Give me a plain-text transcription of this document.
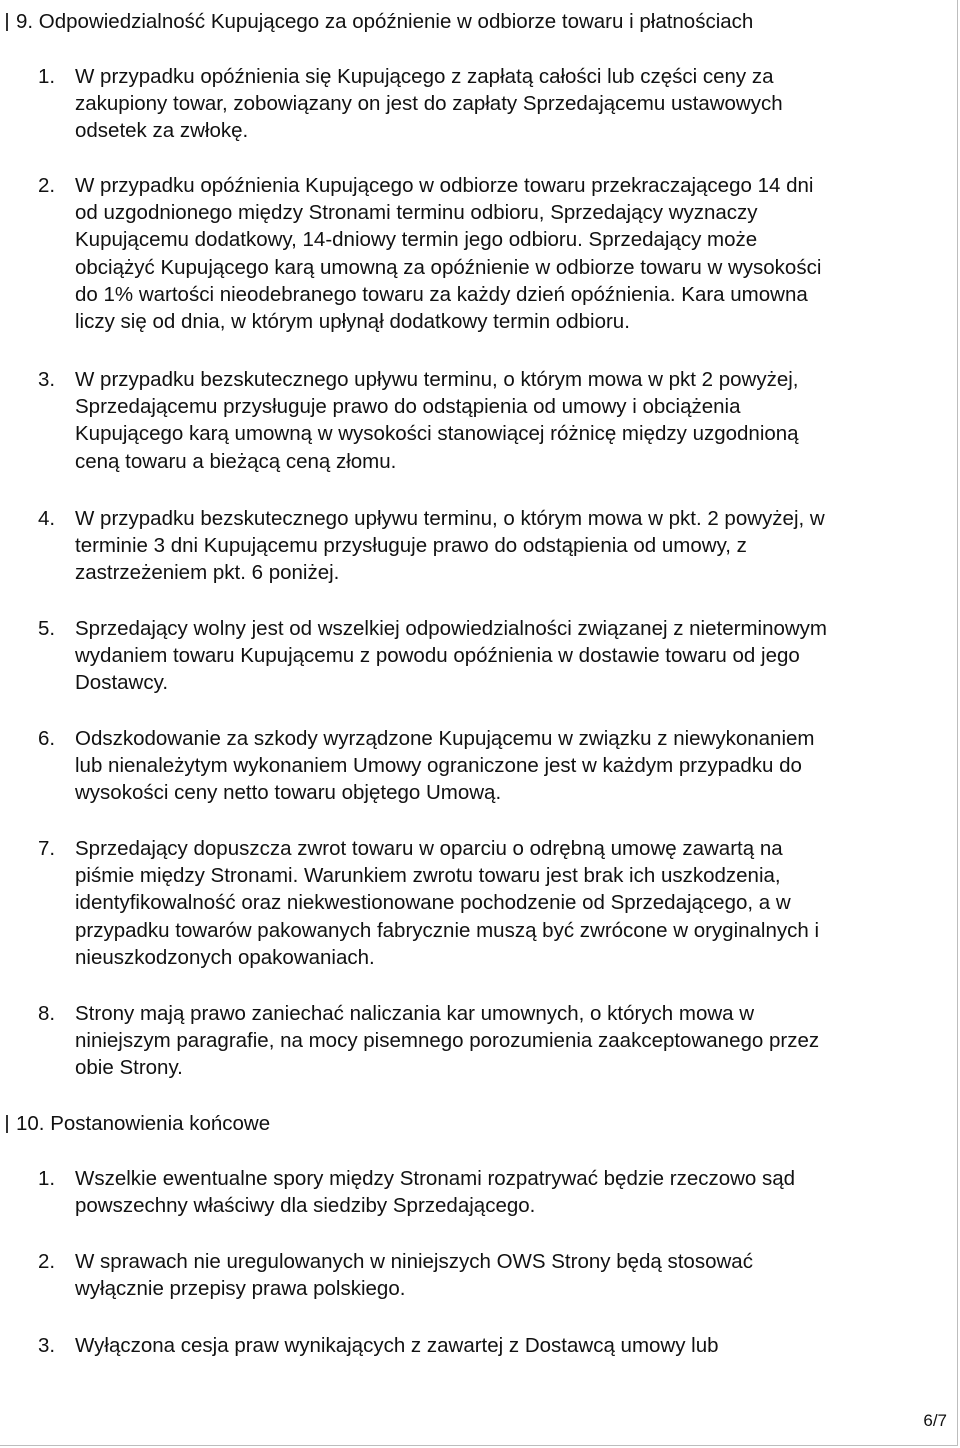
9. Odpowiedzialność Kupującego za opóźnienie w odbiorze towaru i płatnościach
1. W przypadku opóźnienia się Kupującego z zapłatą całości lub części ceny za
zakupiony towar, zobowiązany on jest do zapłaty Sprzedającemu ustawowych
odsetek za zwłokę.
2. W przypadku opóźnienia Kupującego w odbiorze towaru przekraczającego 14 dni
od uzgodnionego między Stronami terminu odbioru, Sprzedający wyznaczy
Kupującemu dodatkowy, 14-dniowy termin jego odbioru. Sprzedający może
obciążyć Kupującego karą umowną za opóźnienie w odbiorze towaru w wysokości
do 1% wartości nieodebranego towaru za każdy dzień opóźnienia. Kara umowna
liczy się od dnia, w którym upłynął dodatkowy termin odbioru.
3. W przypadku bezskutecznego upływu terminu, o którym mowa w pkt 2 powyżej,
Sprzedającemu przysługuje prawo do odstąpienia od umowy i obciążenia
Kupującego karą umowną w wysokości stanowiącej różnicę między uzgodnioną
ceną towaru a bieżącą ceną złomu.
4. W przypadku bezskutecznego upływu terminu, o którym mowa w pkt. 2 powyżej, w
terminie 3 dni Kupującemu przysługuje prawo do odstąpienia od umowy, z
zastrzeżeniem pkt. 6 poniżej.
5. Sprzedający wolny jest od wszelkiej odpowiedzialności związanej z nieterminowym
wydaniem towaru Kupującemu z powodu opóźnienia w dostawie towaru od jego
Dostawcy.
6. Odszkodowanie za szkody wyrządzone Kupującemu w związku z niewykonaniem
lub nienależytym wykonaniem Umowy ograniczone jest w każdym przypadku do
wysokości ceny netto towaru objętego Umową.
7. Sprzedający dopuszcza zwrot towaru w oparciu o odrębną umowę zawartą na
piśmie między Stronami. Warunkiem zwrotu towaru jest brak ich uszkodzenia,
identyfikowalność oraz niekwestionowane pochodzenie od Sprzedającego, a w
przypadku towarów pakowanych fabrycznie muszą być zwrócone w oryginalnych i
nieuszkodzonych opakowaniach.
8. Strony mają prawo zaniechać naliczania kar umownych, o których mowa w
niniejszym paragrafie, na mocy pisemnego porozumienia zaakceptowanego przez
obie Strony.
10. Postanowienia końcowe
1. Wszelkie ewentualne spory między Stronami rozpatrywać będzie rzeczowo sąd
powszechny właściwy dla siedziby Sprzedającego.
2. W sprawach nie uregulowanych w niniejszych OWS Strony będą stosować
wyłącznie przepisy prawa polskiego.
3. Wyłączona cesja praw wynikających z zawartej z Dostawcą umowy lub
6/7
